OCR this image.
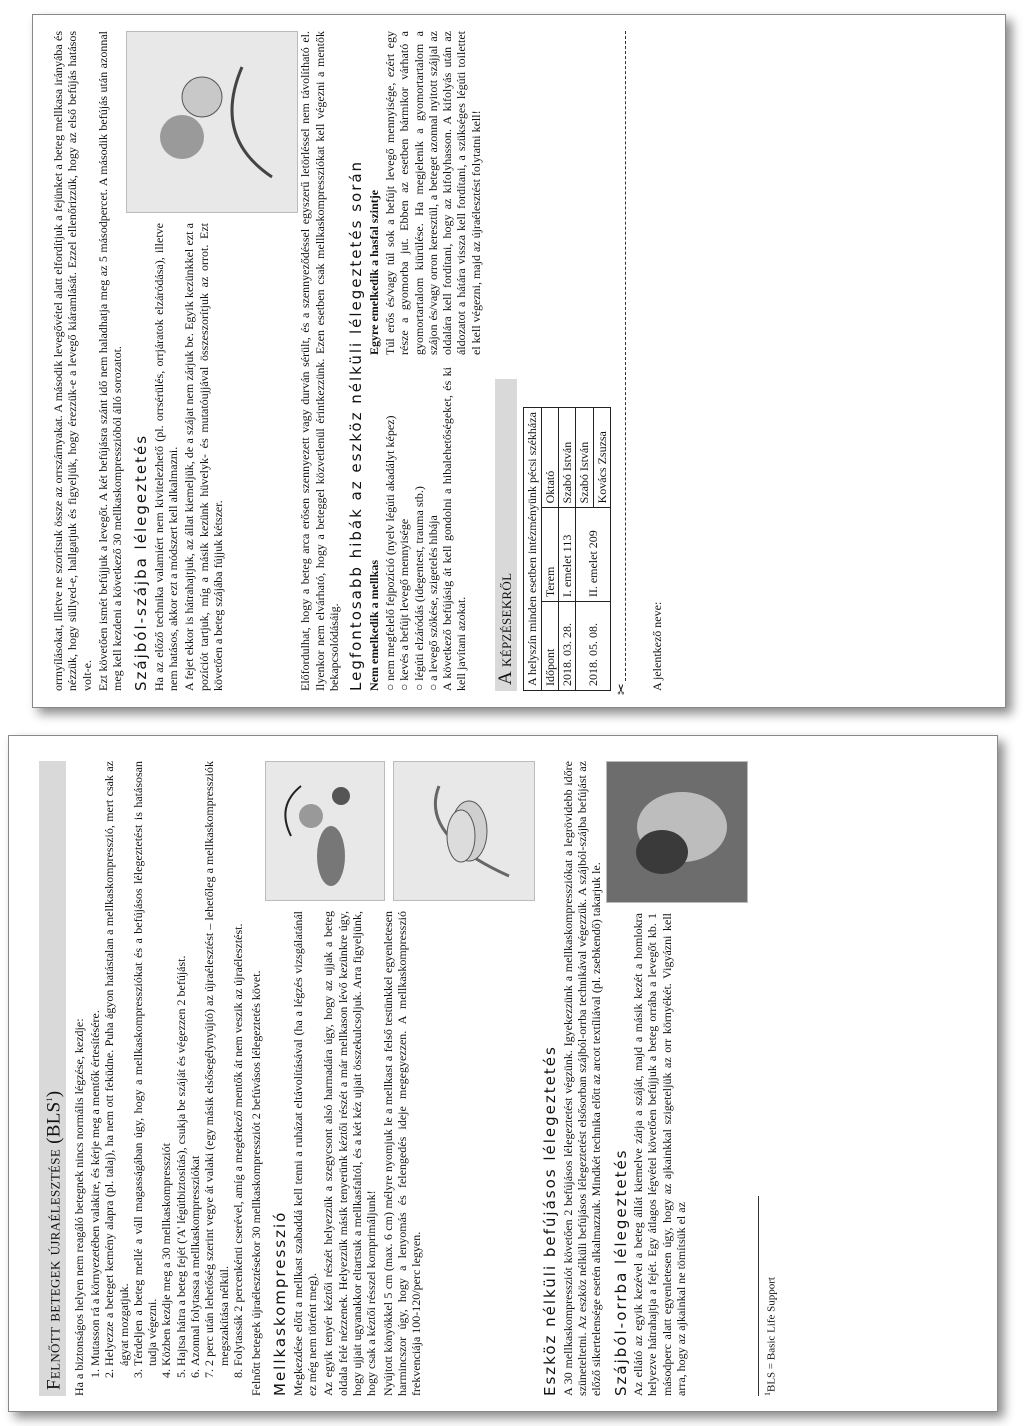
Felnőtt betegek újraélesztése (BLS$^1$) Ha a biztonságos helyen nem reagáló betegnek nincs normális légzése, kezdje: 1. Mutasson rá a környezetében valakire, és kérje meg a mentők értesítésére. 2. Helyezze a beteget kemény alapra (pl. talaj), ha nem ott feküdne. Puha ágyon hatástalan a mellkaskompresszió, mert csak az ágyat mozgatjuk. 3. Térdeljen a beteg mellé a váll magasságában úgy, hogy a mellkaskompressziókat és a befújásos lélegeztetést is hatásosan tudja végezni. 4. Közben kezdje meg a 30 mellkaskompressziót 5. Hajtsa hátra a beteg fejét ('A' légútbiztosítás), csukja be száját és végezzen 2 befújást. 6. Azonnal folytassa a mellkaskompressziókat 7. 2 perc után lehetőség szerint vegye át valaki (egy másik elsősegélynyújtó) az újraélesztést – lehetőleg a mellkaskompressziók megszakítása nélkül. 8. Folytassák 2 percenkénti cserével, amíg a megérkező mentők át nem veszik az újraélesztést. Felnőtt betegek újraélesztésekor 30 mellkaskompressziót 2 befúvásos lélegeztetés követ. Mellkaskompresszió Megkezdése előtt a mellkast szabaddá kell tenni a ruházat eltávolításával (ha a légzés vizsgálatánál ez még nem történt meg). Az egyik tenyér kéztői részét helyezzük a szegycsont alsó harmadára úgy, hogy az ujjak a beteg oldala felé nézzenek. Helyezzük másik tenyerünk kéztői részét a már mellkason lévő kezünkre úgy, hogy ujjait ugyanakkor eltartsuk a mellkasfaltól, és a két kéz ujjait összekulcsoljuk. Arra figyeljünk, hogy csak a kéztői résszel komprimáljunk! Nyújtott könyökkel 5 cm (max. 6 cm) mélyre nyomjuk le a mellkast a felső testünkkel egyenletesen harmincszor úgy, hogy a lenyomás és felengedés ideje megegyezzen. A mellkaskompresszió frekvenciája 100-120/perc legyen.	Eszköz nélküli befújásos lélegeztetés A 30 mellkaskompressziót követően 2 befújásos lélegeztetést végzünk. Igyekezzünk a mellkaskompressziókat a legrövidebb időre szüneteltetni. Az eszköz nélküli befújásos lélegeztetést elsősorban szájból-orrba technikával végezzük. A szájból-szájba befújást az előző sikertelensége esetén alkalmazzuk. Mindkét technika előtt az arcot textíliával (pl. zsebkendő) takarjuk le. Szájból-orrba lélegeztetés Az ellátó az egyik kezével a beteg állát kiemelve zárja a száját, majd a másik kezét a homlokra helyezve hátrahajtja a fejét. Egy átlagos légvétel követően befújjuk a beteg orrába a levegőt kb. 1 másodperc alatt egyenletesen úgy, hogy az ajkainkkal szigeteljük az orr környékét. Vigyázni kell arra, hogy az ajkainkal ne tömítsük el az	$^1$BLS = Basic Life Support

orrnyílásokat, illetve ne szorítsuk össze az orrszárnyakat. A második levegővétel alatt elfordítjuk a fejünket a beteg mellkasa irányába és nézzük, hogy süllyed-e, hallgatjuk és figyeljük, hogy érezzük-e a levegő kiáramlását. Ezzel ellenőrizzük, hogy az első befújás hatásos volt-e. Ezt követően ismét befújjuk a levegőt. A két befújásra szánt idő nem haladhatja meg az 5 másodpercet. A második befújás után azonnal meg kell kezdeni a következő 30 mellkaskompresszióból álló sorozatot. Szájból-szájba lélegeztetés Ha az előző technika valamiért nem kivitelezhető (pl. orrsérülés, orrjáratok elzáródása), illetve nem hatásos, akkor ezt a módszert kell alkalmazni. A fejet ekkor is hátrahajtjuk, az állat kiemeljük, de a szájat nem zárjuk be. Egyik kezünkkel ezt a pozíciót tartjuk, míg a másik kezünk hüvelyk- és mutatóujjával összeszorítjuk az orrot. Ezt követően a beteg szájába fújjuk kétszer.	Előfordulhat, hogy a beteg arca erősen szennyezett vagy durván sérült, és a szennyeződéssel egyszerű letörléssel nem távolítható el. Ilyenkor nem elvárható, hogy a beteggel közvetlenül érintkezzünk. Ezen esetben csak mellkaskompressziókat kell végezni a mentők bekapcsolódásáig. Legfontosabb hibák az eszköz nélküli lélegeztetés során Nem emelkedik a mellkas ○ nem megfelelő fejpozíció (nyelv légúti akadályt képez) ○ kevés a befújt levegő mennyisége ○ légúti elzáródás (idegentest, trauma stb.) ○ a levegő szökése, szigetelés hibája A következő befújásig át kell gondolni a hibalehetőségeket, és ki kell javítani azokat.

Egyre emelkedik a hasfal szintje Túl erős és/vagy túl sok a befújt levegő mennyisége, ezért egy része a gyomorba jut. Ebben az esetben bármikor várható a gyomortartalom kiürülése. Ha megjelenik a gyomortartalom a szájon és/vagy orron keresztül, a beteget azonnal nyitott szájjal az oldalára kell fordítani, hogy az kifolyhasson. A kifolyás után az áldozatot a hátára vissza kell fordítani, a szükséges légúti toilettet el kell végezni, majd az újraélesztést folytatni kell!

A képzésekről A helyszín minden esetben intézményünk pécsi székháza		
Időpont	Terem	Oktató
2018. 03. 28.	I. emelet 113	Szabó István
2018. 05. 08.	II. emelet 209	Szabó István
		Kovács Zsuzsa
✂ A jelentkező neve:
